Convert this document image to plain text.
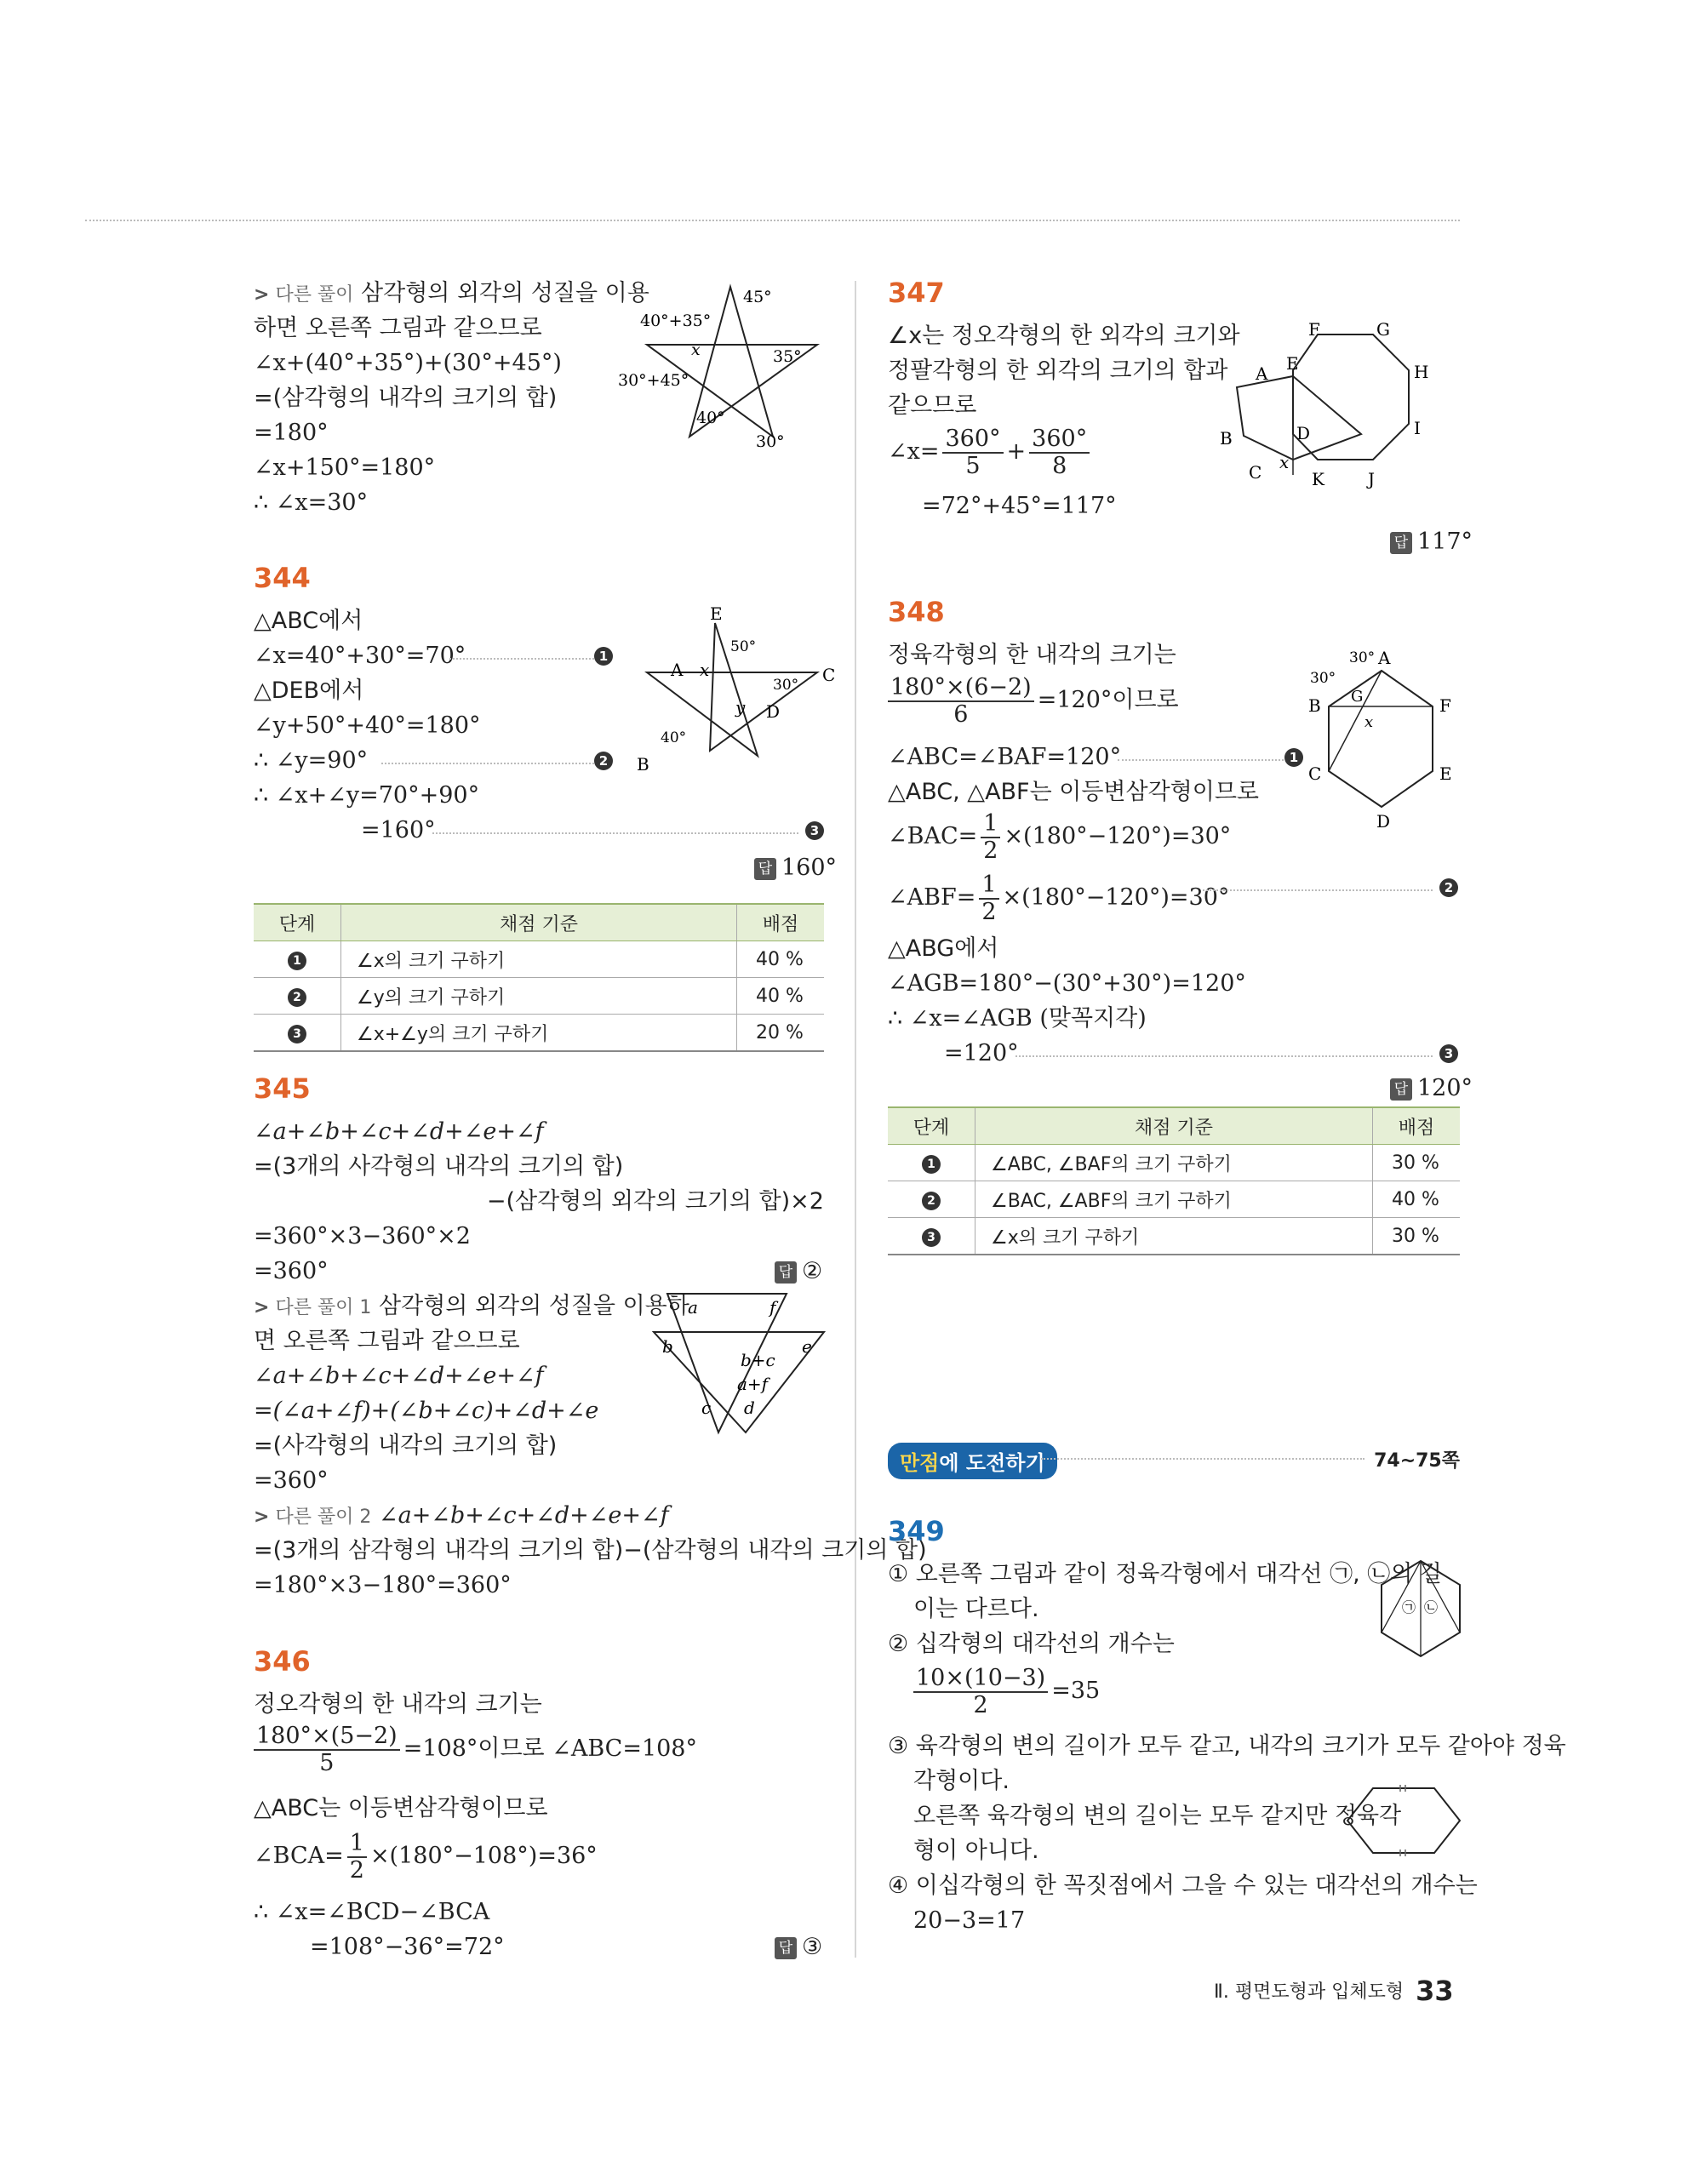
> 다른 풀이 삼각형의 외각의 성질을 이용
하면 오른쪽 그림과 같으므로
∠x+(40°+35°)+(30°+45°)
=(삼각형의 내각의 크기의 합)
=180°
∠x+150°=180°
∴ ∠x=30°
45°
40°+35°
x	35°
30°+45°
40°
30°
344
△ABC에서
∠x=40°+30°=70°	1
△DEB에서
∠y+50°+40°=180°
∴ ∠y=90°	2
∴ ∠x+∠y=70°+90°
=160°	3
답 160°
E
A	C
D
B
x
y
50°
30°
40°
단계	채점 기준	배점
1	∠x의 크기 구하기	40 %
2	∠y의 크기 구하기	40 %
3	∠x+∠y의 크기 구하기	20 %
345
∠a+∠b+∠c+∠d+∠e+∠f
=(3개의 사각형의 내각의 크기의 합)
−(삼각형의 외각의 크기의 합)×2
=360°×3−360°×2
=360°	답 ②
> 다른 풀이 1 삼각형의 외각의 성질을 이용하
면 오른쪽 그림과 같으므로
∠a+∠b+∠c+∠d+∠e+∠f
=(∠a+∠f)+(∠b+∠c)+∠d+∠e
=(사각형의 내각의 크기의 합)
=360°
> 다른 풀이 2 ∠a+∠b+∠c+∠d+∠e+∠f
=(3개의 삼각형의 내각의 크기의 합)−(삼각형의 내각의 크기의 합)
=180°×3−180°=360°
a	f
b	e
b+c
a+f
c d
346
정오각형의 한 내각의 크기는
$\frac{180^\circ\times(5-2)}{5} =108^\circ$이므로 ∠ABC=108°
△ABC는 이등변삼각형이므로
∠BCA= $\frac{1}{2} \times(180^\circ-108^\circ)=36^\circ$
∴ ∠x=∠BCD−∠BCA
=108°−36°=72°	답 ③
347
∠x는 정오각형의 한 외각의 크기와
정팔각형의 한 외각의 크기의 합과
같으므로
∠x= $\frac{360^\circ}{5} + \frac{360^\circ}{8}$
=72°+45°=117°
답 117°
A
B
C
D
E
F	G
H
I
J
K
x
348
정육각형의 한 내각의 크기는
$\frac{180^\circ\times(6-2)}{6} =120^\circ$이므로
∠ABC=∠BAF=120°	1
△ABC, △ABF는 이등변삼각형이므로
∠BAC= $\frac{1}{2} \times(180^\circ-120^\circ)=30^\circ$
∠ABF= $\frac{1}{2} \times(180^\circ-120^\circ)=30^\circ$	2
△ABG에서
∠AGB=180°−(30°+30°)=120°
∴ ∠x=∠AGB (맞꼭지각)
=120°	3
답 120°
A
B
C
D
E
F
G
x
30°
30°
단계	채점 기준	배점
1	∠ABC, ∠BAF의 크기 구하기	30 %
2	∠BAC, ∠ABF의 크기 구하기	40 %
3	∠x의 크기 구하기	30 %
만점에 도전하기	74~75쪽
349
① 오른쪽 그림과 같이 정육각형에서 대각선 ㉠, ㉡의 길
이는 다르다.
② 십각형의 대각선의 개수는
$\frac{10\times(10-3)}{2} =35$
③ 육각형의 변의 길이가 모두 같고, 내각의 크기가 모두 같아야 정육
각형이다.
오른쪽 육각형의 변의 길이는 모두 같지만 정육각
형이 아니다.
④ 이십각형의 한 꼭짓점에서 그을 수 있는 대각선의 개수는
20−3=17
㉠ ㉡
Ⅱ. 평면도형과 입체도형 33
